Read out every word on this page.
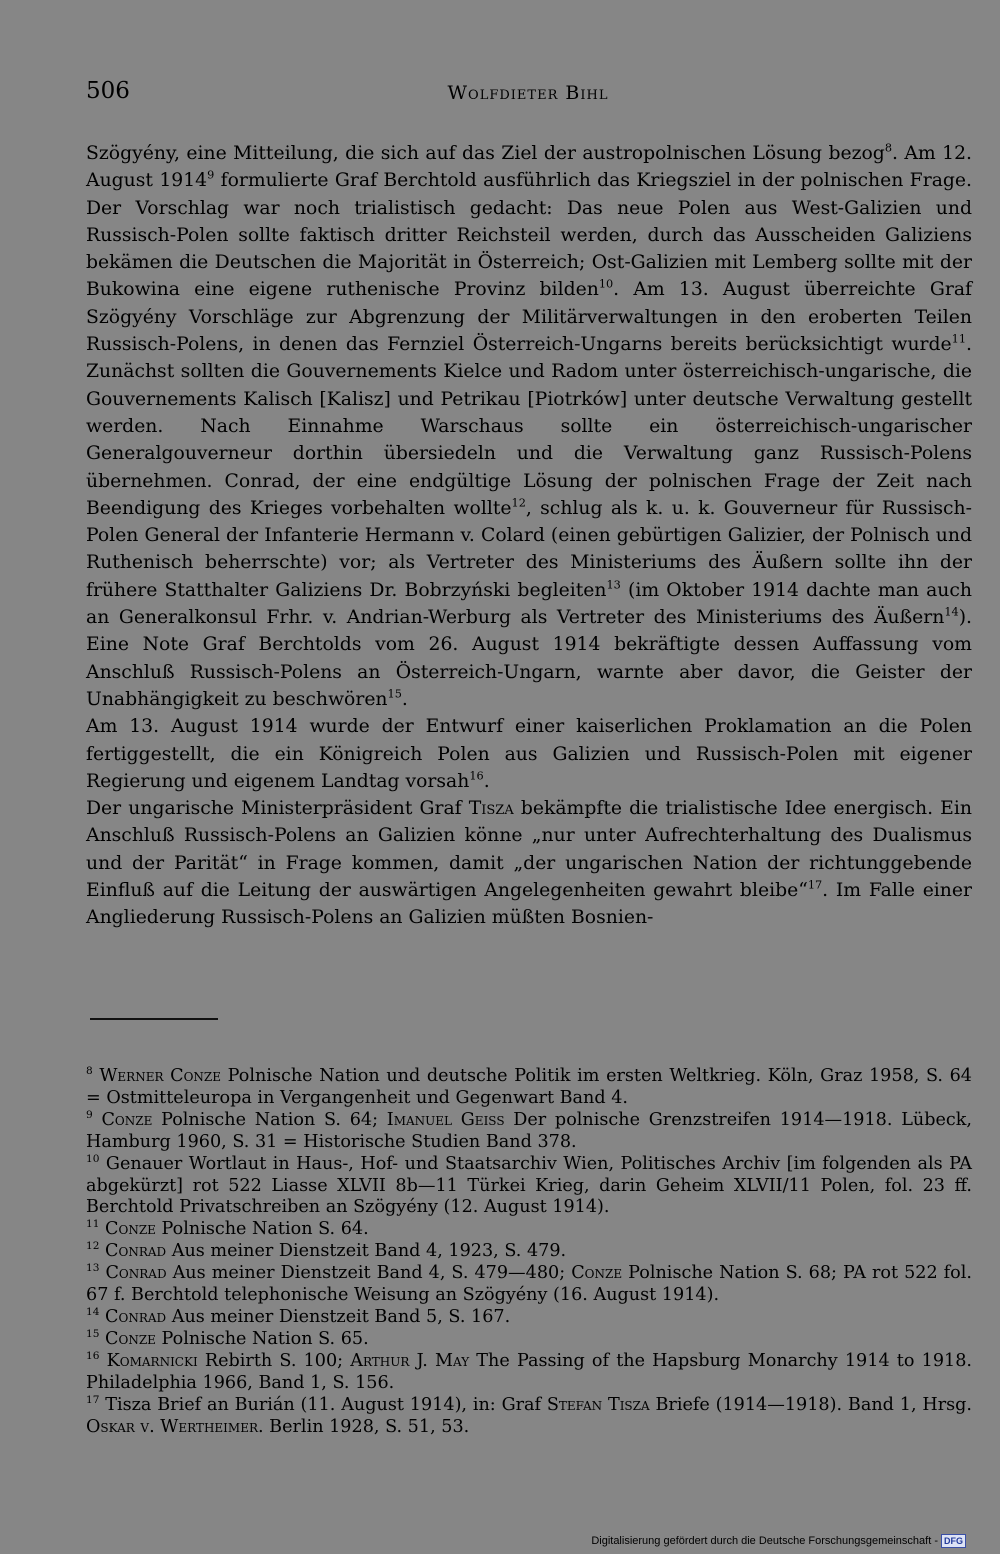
506	Wolfdieter Bihl

Szögyény, eine Mitteilung, die sich auf das Ziel der austropolnischen Lösung bezog$^8$. Am 12. August 1914$^9$ formulierte Graf Berchtold ausführlich das Kriegsziel in der polnischen Frage. Der Vorschlag war noch trialistisch gedacht: Das neue Polen aus West-Galizien und Russisch-Polen sollte faktisch dritter Reichsteil werden, durch das Ausscheiden Galiziens bekämen die Deutschen die Majorität in Österreich; Ost-Galizien mit Lemberg sollte mit der Bukowina eine eigene ruthenische Provinz bilden$^{10}$. Am 13. August überreichte Graf Szögyény Vorschläge zur Abgrenzung der Militärverwaltungen in den eroberten Teilen Russisch-Polens, in denen das Fernziel Österreich-Ungarns bereits berücksichtigt wurde$^{11}$. Zunächst sollten die Gouvernements Kielce und Radom unter österreichisch-ungarische, die Gouvernements Kalisch [Kalisz] und Petrikau [Piotrków] unter deutsche Verwaltung gestellt werden. Nach Einnahme Warschaus sollte ein österreichisch-ungarischer Generalgouverneur dorthin übersiedeln und die Verwaltung ganz Russisch-Polens übernehmen. Conrad, der eine endgültige Lösung der polnischen Frage der Zeit nach Beendigung des Krieges vorbehalten wollte$^{12}$, schlug als k. u. k. Gouverneur für Russisch-Polen General der Infanterie Hermann v. Colard (einen gebürtigen Galizier, der Polnisch und Ruthenisch beherrschte) vor; als Vertreter des Ministeriums des Äußern sollte ihn der frühere Statthalter Galiziens Dr. Bobrzyński begleiten$^{13}$ (im Oktober 1914 dachte man auch an Generalkonsul Frhr. v. Andrian-Werburg als Vertreter des Ministeriums des Äußern$^{14}$). Eine Note Graf Berchtolds vom 26. August 1914 bekräftigte dessen Auffassung vom Anschluß Russisch-Polens an Österreich-Ungarn, warnte aber davor, die Geister der Unabhängigkeit zu beschwören$^{15}$.

Am 13. August 1914 wurde der Entwurf einer kaiserlichen Proklamation an die Polen fertiggestellt, die ein Königreich Polen aus Galizien und Russisch-Polen mit eigener Regierung und eigenem Landtag vorsah$^{16}$.

Der ungarische Ministerpräsident Graf Tisza bekämpfte die trialistische Idee energisch. Ein Anschluß Russisch-Polens an Galizien könne „nur unter Aufrechterhaltung des Dualismus und der Parität“ in Frage kommen, damit „der ungarischen Nation der richtunggebende Einfluß auf die Leitung der auswärtigen Angelegenheiten gewahrt bleibe“$^{17}$. Im Falle einer Angliederung Russisch-Polens an Galizien müßten Bosnien-

$^8$ Werner Conze Polnische Nation und deutsche Politik im ersten Weltkrieg. Köln, Graz 1958, S. 64 = Ostmitteleuropa in Vergangenheit und Gegenwart Band 4.

$^9$ Conze Polnische Nation S. 64; Imanuel Geiss Der polnische Grenzstreifen 1914—1918. Lübeck, Hamburg 1960, S. 31 = Historische Studien Band 378.

$^{10}$ Genauer Wortlaut in Haus-, Hof- und Staatsarchiv Wien, Politisches Archiv [im folgenden als PA abgekürzt] rot 522 Liasse XLVII 8b—11 Türkei Krieg, darin Geheim XLVII/11 Polen, fol. 23 ff. Berchtold Privatschreiben an Szögyény (12. August 1914).

$^{11}$ Conze Polnische Nation S. 64.

$^{12}$ Conrad Aus meiner Dienstzeit Band 4, 1923, S. 479.

$^{13}$ Conrad Aus meiner Dienstzeit Band 4, S. 479—480; Conze Polnische Nation S. 68; PA rot 522 fol. 67 f. Berchtold telephonische Weisung an Szögyény (16. August 1914).

$^{14}$ Conrad Aus meiner Dienstzeit Band 5, S. 167.

$^{15}$ Conze Polnische Nation S. 65.

$^{16}$ Komarnicki Rebirth S. 100; Arthur J. May The Passing of the Hapsburg Monarchy 1914 to 1918. Philadelphia 1966, Band 1, S. 156.

$^{17}$ Tisza Brief an Burián (11. August 1914), in: Graf Stefan Tisza Briefe (1914—1918). Band 1, Hrsg. Oskar v. Wertheimer. Berlin 1928, S. 51, 53.

Digitalisierung gefördert durch die Deutsche Forschungsgemeinschaft - DFG
